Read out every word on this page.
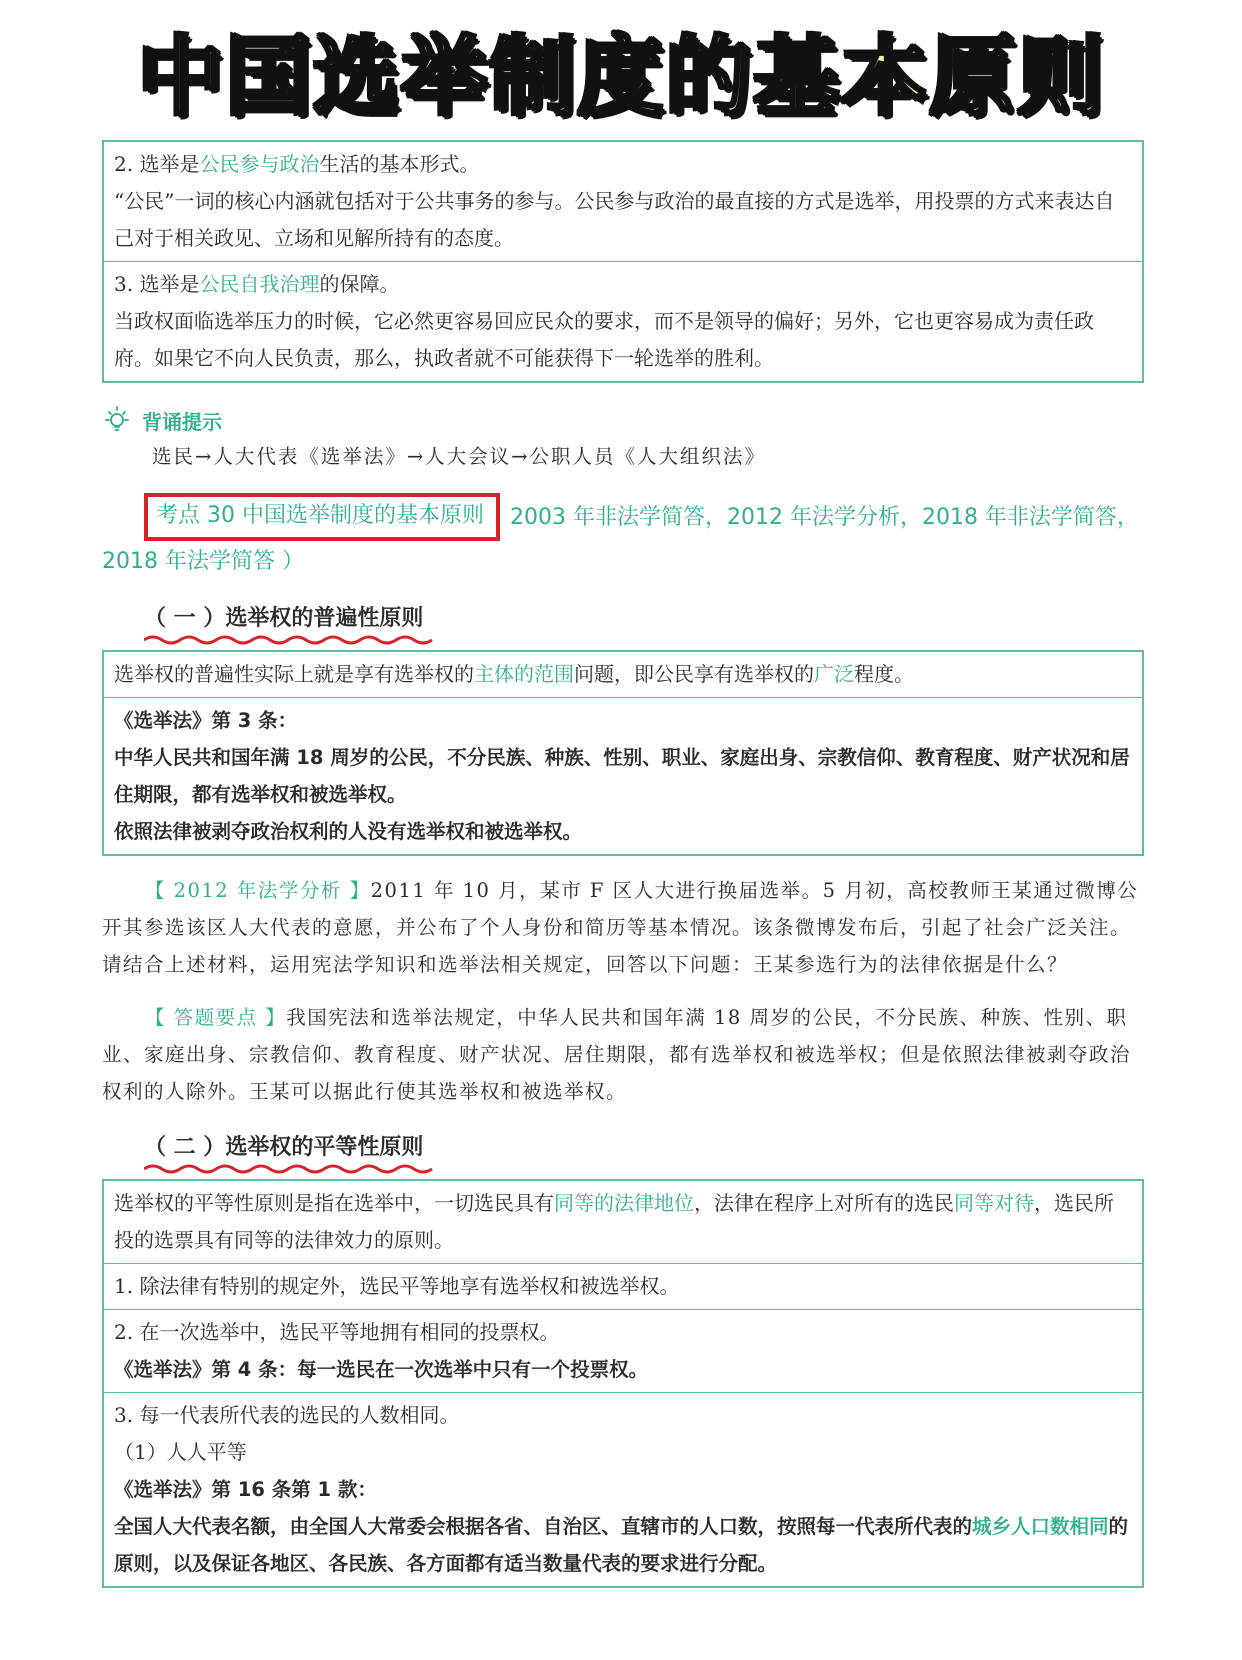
中国选举制度的基本原则
2. 选举是公民参与政治生活的基本形式。
“公民”一词的核心内涵就包括对于公共事务的参与。公民参与政治的最直接的方式是选举，用投票的方式来表达自己对于相关政见、立场和见解所持有的态度。
3. 选举是公民自我治理的保障。
当政权面临选举压力的时候，它必然更容易回应民众的要求，而不是领导的偏好；另外，它也更容易成为责任政府。如果它不向人民负责，那么，执政者就不可能获得下一轮选举的胜利。
背诵提示
选民→人大代表《选举法》→人大会议→公职人员《人大组织法》
考点 30 中国选举制度的基本原则 2003 年非法学简答，2012 年法学分析，2018 年非法学简答，2018 年法学简答 ）
（ 一 ）选举权的普遍性原则
选举权的普遍性实际上就是享有选举权的主体的范围问题，即公民享有选举权的广泛程度。
《选举法》第 3 条：
中华人民共和国年满 18 周岁的公民，不分民族、种族、性别、职业、家庭出身、宗教信仰、教育程度、财产状况和居住期限，都有选举权和被选举权。
依照法律被剥夺政治权利的人没有选举权和被选举权。
【 2012 年法学分析 】2011 年 10 月，某市 F 区人大进行换届选举。5 月初，高校教师王某通过微博公开其参选该区人大代表的意愿，并公布了个人身份和简历等基本情况。该条微博发布后，引起了社会广泛关注。请结合上述材料，运用宪法学知识和选举法相关规定，回答以下问题：王某参选行为的法律依据是什么？
【 答题要点 】我国宪法和选举法规定，中华人民共和国年满 18 周岁的公民，不分民族、种族、性别、职业、家庭出身、宗教信仰、教育程度、财产状况、居住期限，都有选举权和被选举权；但是依照法律被剥夺政治权利的人除外。王某可以据此行使其选举权和被选举权。
（ 二 ）选举权的平等性原则
选举权的平等性原则是指在选举中，一切选民具有同等的法律地位，法律在程序上对所有的选民同等对待，选民所投的选票具有同等的法律效力的原则。
1. 除法律有特别的规定外，选民平等地享有选举权和被选举权。
2. 在一次选举中，选民平等地拥有相同的投票权。
《选举法》第 4 条：每一选民在一次选举中只有一个投票权。
3. 每一代表所代表的选民的人数相同。
（1）人人平等
《选举法》第 16 条第 1 款：
全国人大代表名额，由全国人大常委会根据各省、自治区、直辖市的人口数，按照每一代表所代表的城乡人口数相同的原则，以及保证各地区、各民族、各方面都有适当数量代表的要求进行分配。
